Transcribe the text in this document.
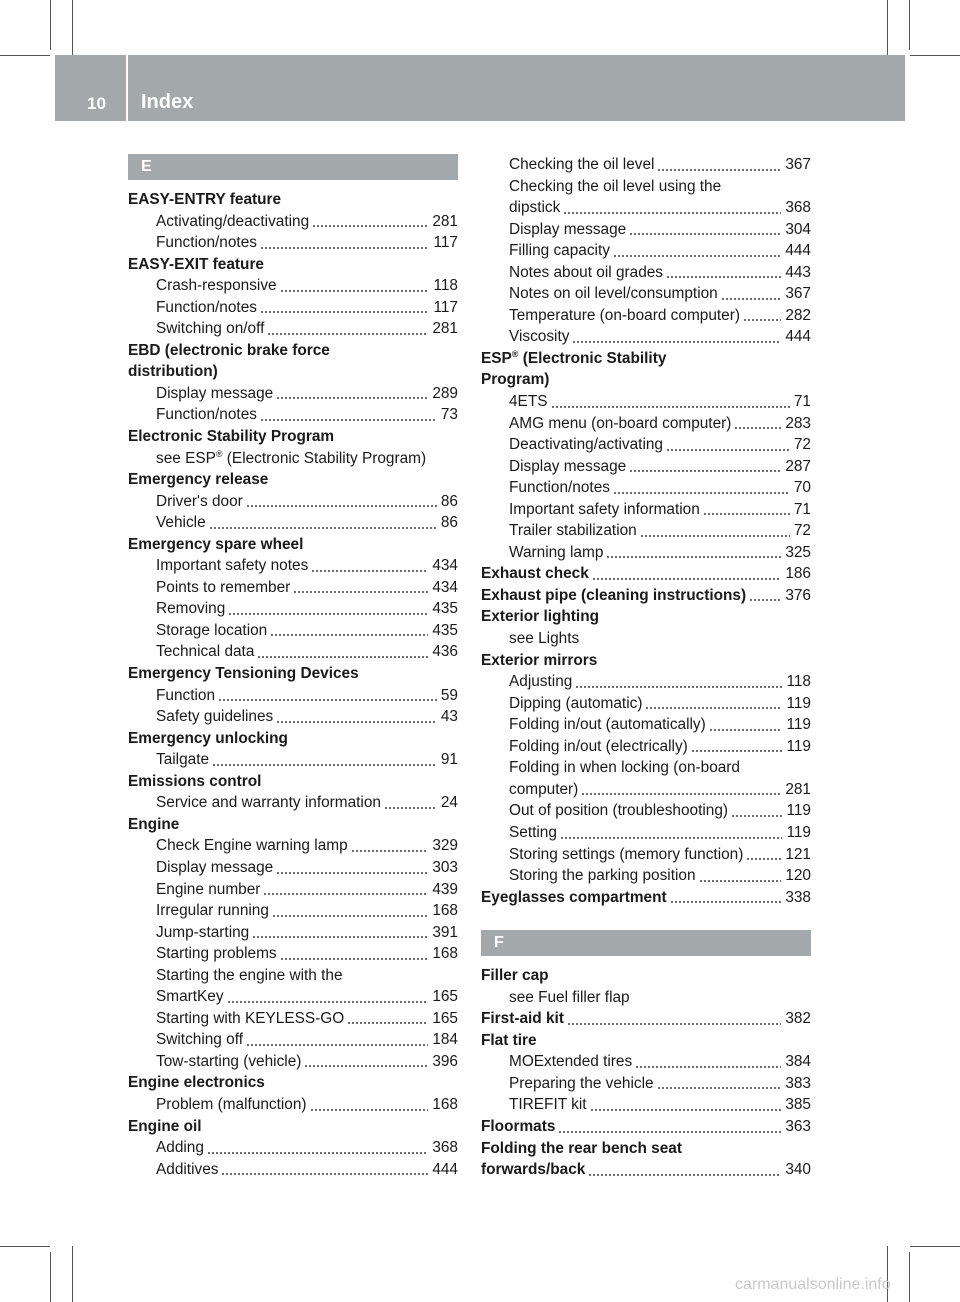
10 Index
E
EASY-ENTRY feature
Activating/deactivating	281
Function/notes	117
EASY-EXIT feature
Crash-responsive	118
Function/notes	117
Switching on/off	281
EBD (electronic brake force
distribution)
Display message	289
Function/notes	73
Electronic Stability Program
see ESP® (Electronic Stability Program)
Emergency release
Driver's door	86
Vehicle	86
Emergency spare wheel
Important safety notes	434
Points to remember	434
Removing	435
Storage location	435
Technical data	436
Emergency Tensioning Devices
Function	59
Safety guidelines	43
Emergency unlocking
Tailgate	91
Emissions control
Service and warranty information	24
Engine
Check Engine warning lamp	329
Display message	303
Engine number	439
Irregular running	168
Jump-starting	391
Starting problems	168
Starting the engine with the
SmartKey	165
Starting with KEYLESS-GO	165
Switching off	184
Tow-starting (vehicle)	396
Engine electronics
Problem (malfunction)	168
Engine oil
Adding	368
Additives	444
Checking the oil level	367
Checking the oil level using the
dipstick	368
Display message	304
Filling capacity	444
Notes about oil grades	443
Notes on oil level/consumption	367
Temperature (on-board computer)	282
Viscosity	444
ESP® (Electronic Stability
Program)
4ETS	71
AMG menu (on-board computer)	283
Deactivating/activating	72
Display message	287
Function/notes	70
Important safety information	71
Trailer stabilization	72
Warning lamp	325
Exhaust check	186
Exhaust pipe (cleaning instructions)	376
Exterior lighting
see Lights
Exterior mirrors
Adjusting	118
Dipping (automatic)	119
Folding in/out (automatically)	119
Folding in/out (electrically)	119
Folding in when locking (on-board
computer)	281
Out of position (troubleshooting)	119
Setting	119
Storing settings (memory function)	121
Storing the parking position	120
Eyeglasses compartment	338
F
Filler cap
see Fuel filler flap
First-aid kit	382
Flat tire
MOExtended tires	384
Preparing the vehicle	383
TIREFIT kit	385
Floormats	363
Folding the rear bench seat
forwards/back	340
carmanualsonline.info
